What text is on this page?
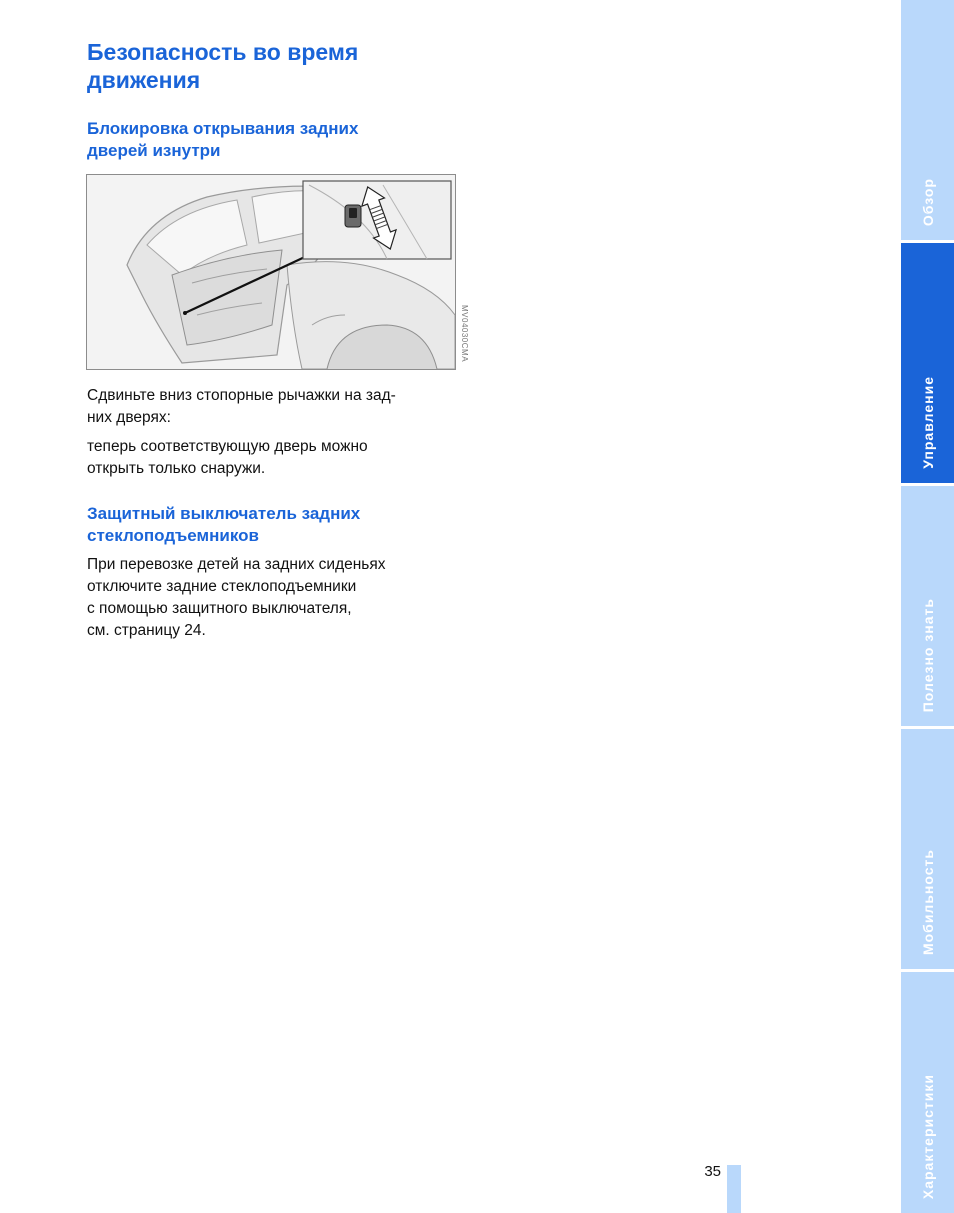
Безопасность во время
движения
Блокировка открывания задних
дверей изнутри
MV04030CMA

Сдвиньте вниз стопорные рычажки на зад-
них дверях:

теперь соответствующую дверь можно
открыть только снаружи.

Защитный выключатель задних
стеклоподъемников

При перевозке детей на задних сиденьях
отключите задние стеклоподъемники
с помощью защитного выключателя,
см. страницу 24.

35
Обзор
Управление
Полезно знать
Мобильность
Характеристики
